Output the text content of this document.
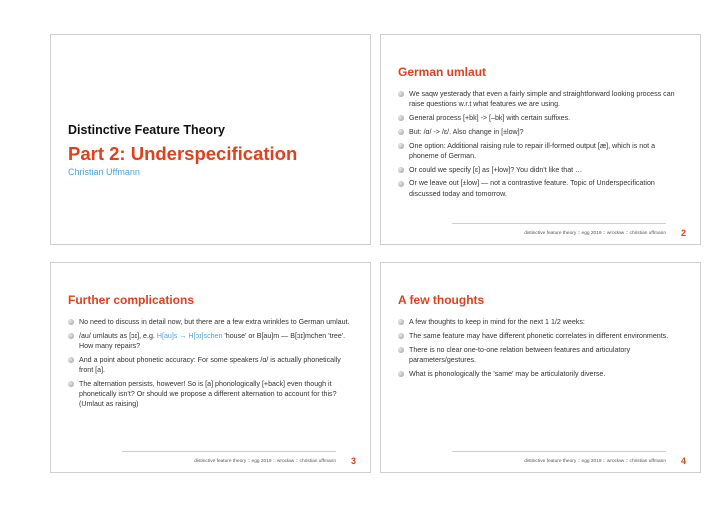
Distinctive Feature Theory
Part 2: Underspecification
Christian Uffmann
German umlaut
We saqw yesterady that even a fairly simple and straightforward looking process can raise questions w.r.t what features we are using.
General process [+bk] -> [–bk] with certain suffixes.
But: /ɑ/ -> /ɛ/. Also change in [±low]?
One option: Additional raising rule to repair ill-formed output [æ], which is not a phoneme of German.
Or could we specify [ɛ] as [+low]? You didn't like that …
Or we leave out [±low] — not a contrastive feature. Topic of Underspecification discussed today and tomorrow.
distinctive feature theory :: egg 2019 :: wrocław :: christian uffmann 2
Further complications
No need to discuss in detail now, but there are a few extra wrinkles to German umlaut.
/au/ umlauts as [ɔɪ], e.g. H[au]s → H[ɔɪ]schen 'house' or B[au]m — B[ɔɪ]mchen 'tree'. How many repairs?
And a point about phonetic accuracy: For some speakers /ɑ/ is actually phonetically front [a].
The alternation persists, however! So is [a] phonologically [+back] even though it phonetically isn't? Or should we propose a different alternation to account for this? (Umlaut as raising)
distinctive feature theory :: egg 2019 :: wrocław :: christian uffmann 3
A few thoughts
A few thoughts to keep in mind for the next 1 1/2 weeks:
The same feature may have different phonetic correlates in different environments.
There is no clear one-to-one relation between features and articulatory parameters/gestures.
What is phonologically the 'same' may be articulatorily diverse.
distinctive feature theory :: egg 2019 :: wrocław :: christian uffmann 4
